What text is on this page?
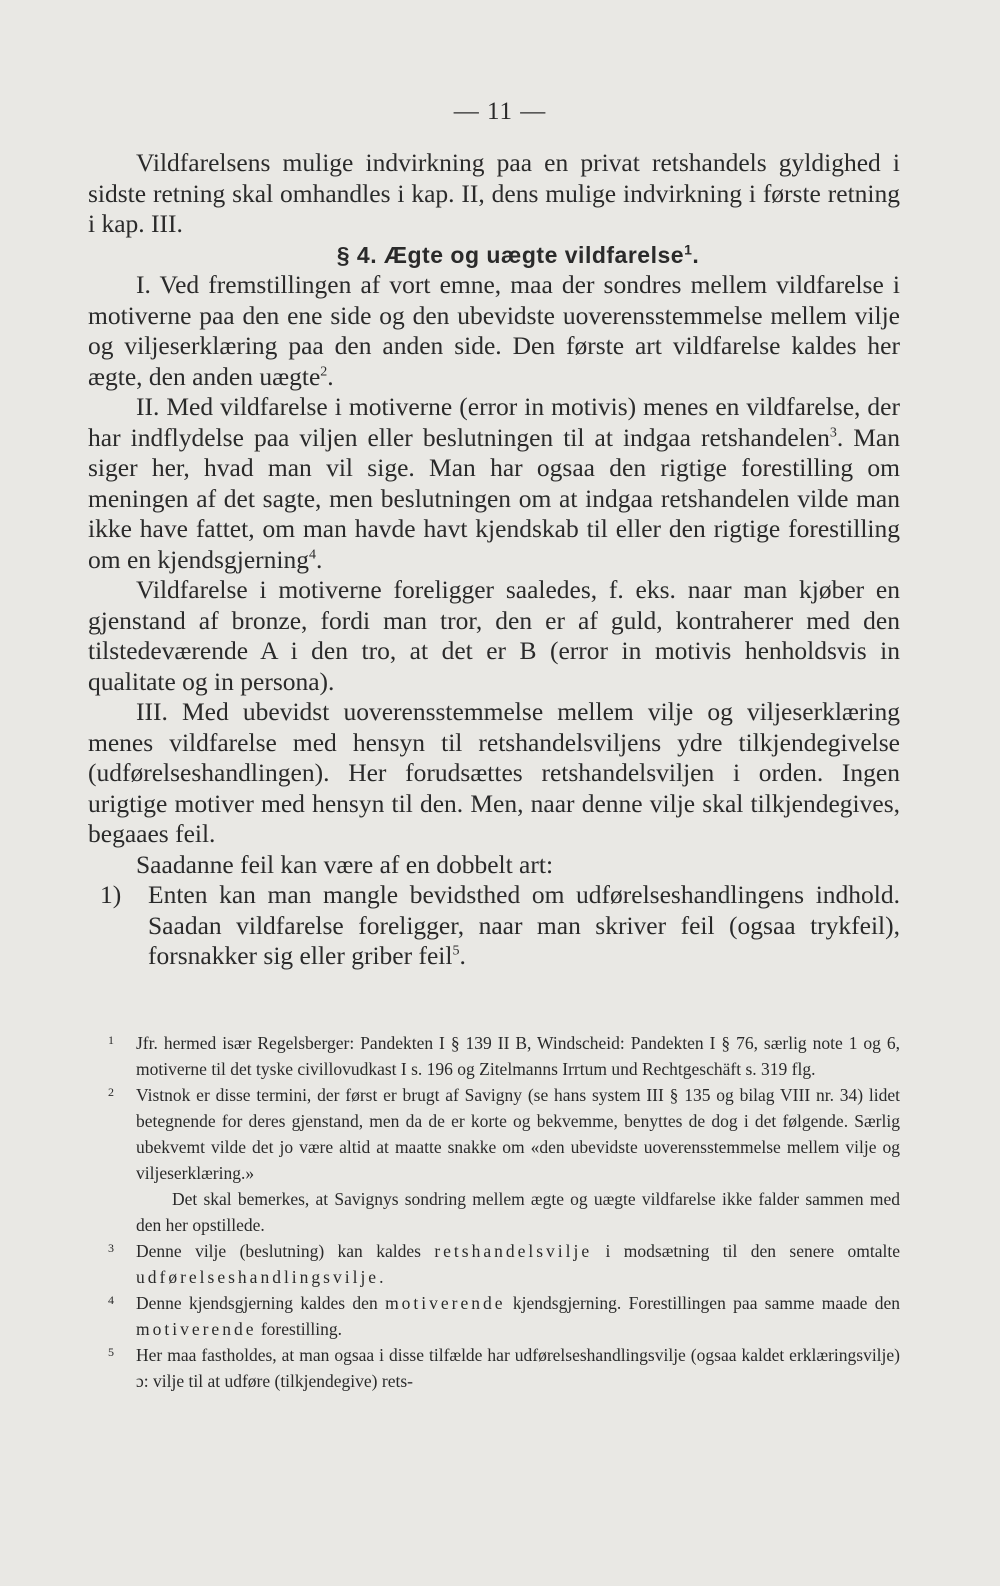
— 11 —

Vildfarelsens mulige indvirkning paa en privat retshandels gyldighed i sidste retning skal omhandles i kap. II, dens mulige indvirkning i første retning i kap. III.

§ 4. Ægte og uægte vildfarelse$^1$.

I. Ved fremstillingen af vort emne, maa der sondres mellem vildfarelse i motiverne paa den ene side og den ubevidste uoverensstemmelse mellem vilje og viljeserklæring paa den anden side. Den første art vildfarelse kaldes her ægte, den anden uægte$^2$.

II. Med vildfarelse i motiverne (error in motivis) menes en vildfarelse, der har indflydelse paa viljen eller beslutningen til at indgaa retshandelen$^3$. Man siger her, hvad man vil sige. Man har ogsaa den rigtige forestilling om meningen af det sagte, men beslutningen om at indgaa retshandelen vilde man ikke have fattet, om man havde havt kjendskab til eller den rigtige forestilling om en kjendsgjerning$^4$.

Vildfarelse i motiverne foreligger saaledes, f. eks. naar man kjøber en gjenstand af bronze, fordi man tror, den er af guld, kontraherer med den tilstedeværende A i den tro, at det er B (error in motivis henholdsvis in qualitate og in persona).

III. Med ubevidst uoverensstemmelse mellem vilje og viljeserklæring menes vildfarelse med hensyn til retshandelsviljens ydre tilkjendegivelse (udførelseshandlingen). Her forudsættes retshandelsviljen i orden. Ingen urigtige motiver med hensyn til den. Men, naar denne vilje skal tilkjendegives, begaaes feil.

Saadanne feil kan være af en dobbelt art:

1)	Enten kan man mangle bevidsthed om udførelseshandlingens indhold. Saadan vildfarelse foreligger, naar man skriver feil (ogsaa trykfeil), forsnakker sig eller griber feil$^5$.
1	Jfr. hermed især Regelsberger: Pandekten I § 139 II B, Windscheid: Pandekten I § 76, særlig note 1 og 6, motiverne til det tyske civillovudkast I s. 196 og Zitelmanns Irrtum und Rechtgeschäft s. 319 flg.
2	Vistnok er disse termini, der først er brugt af Savigny (se hans system III § 135 og bilag VIII nr. 34) lidet betegnende for deres gjenstand, men da de er korte og bekvemme, benyttes de dog i det følgende. Særlig ubekvemt vilde det jo være altid at maatte snakke om «den ubevidste uoverensstemmelse mellem vilje og viljeserklæring.»
Det skal bemerkes, at Savignys sondring mellem ægte og uægte vildfarelse ikke falder sammen med den her opstillede.
3	Denne vilje (beslutning) kan kaldes retshandelsvilje i modsætning til den senere omtalte udførelseshandlingsvilje.
4	Denne kjendsgjerning kaldes den motiverende kjendsgjerning. Forestillingen paa samme maade den motiverende forestilling.
5	Her maa fastholdes, at man ogsaa i disse tilfælde har udførelseshandlingsvilje (ogsaa kaldet erklæringsvilje) ɔ: vilje til at udføre (tilkjendegive) rets-
